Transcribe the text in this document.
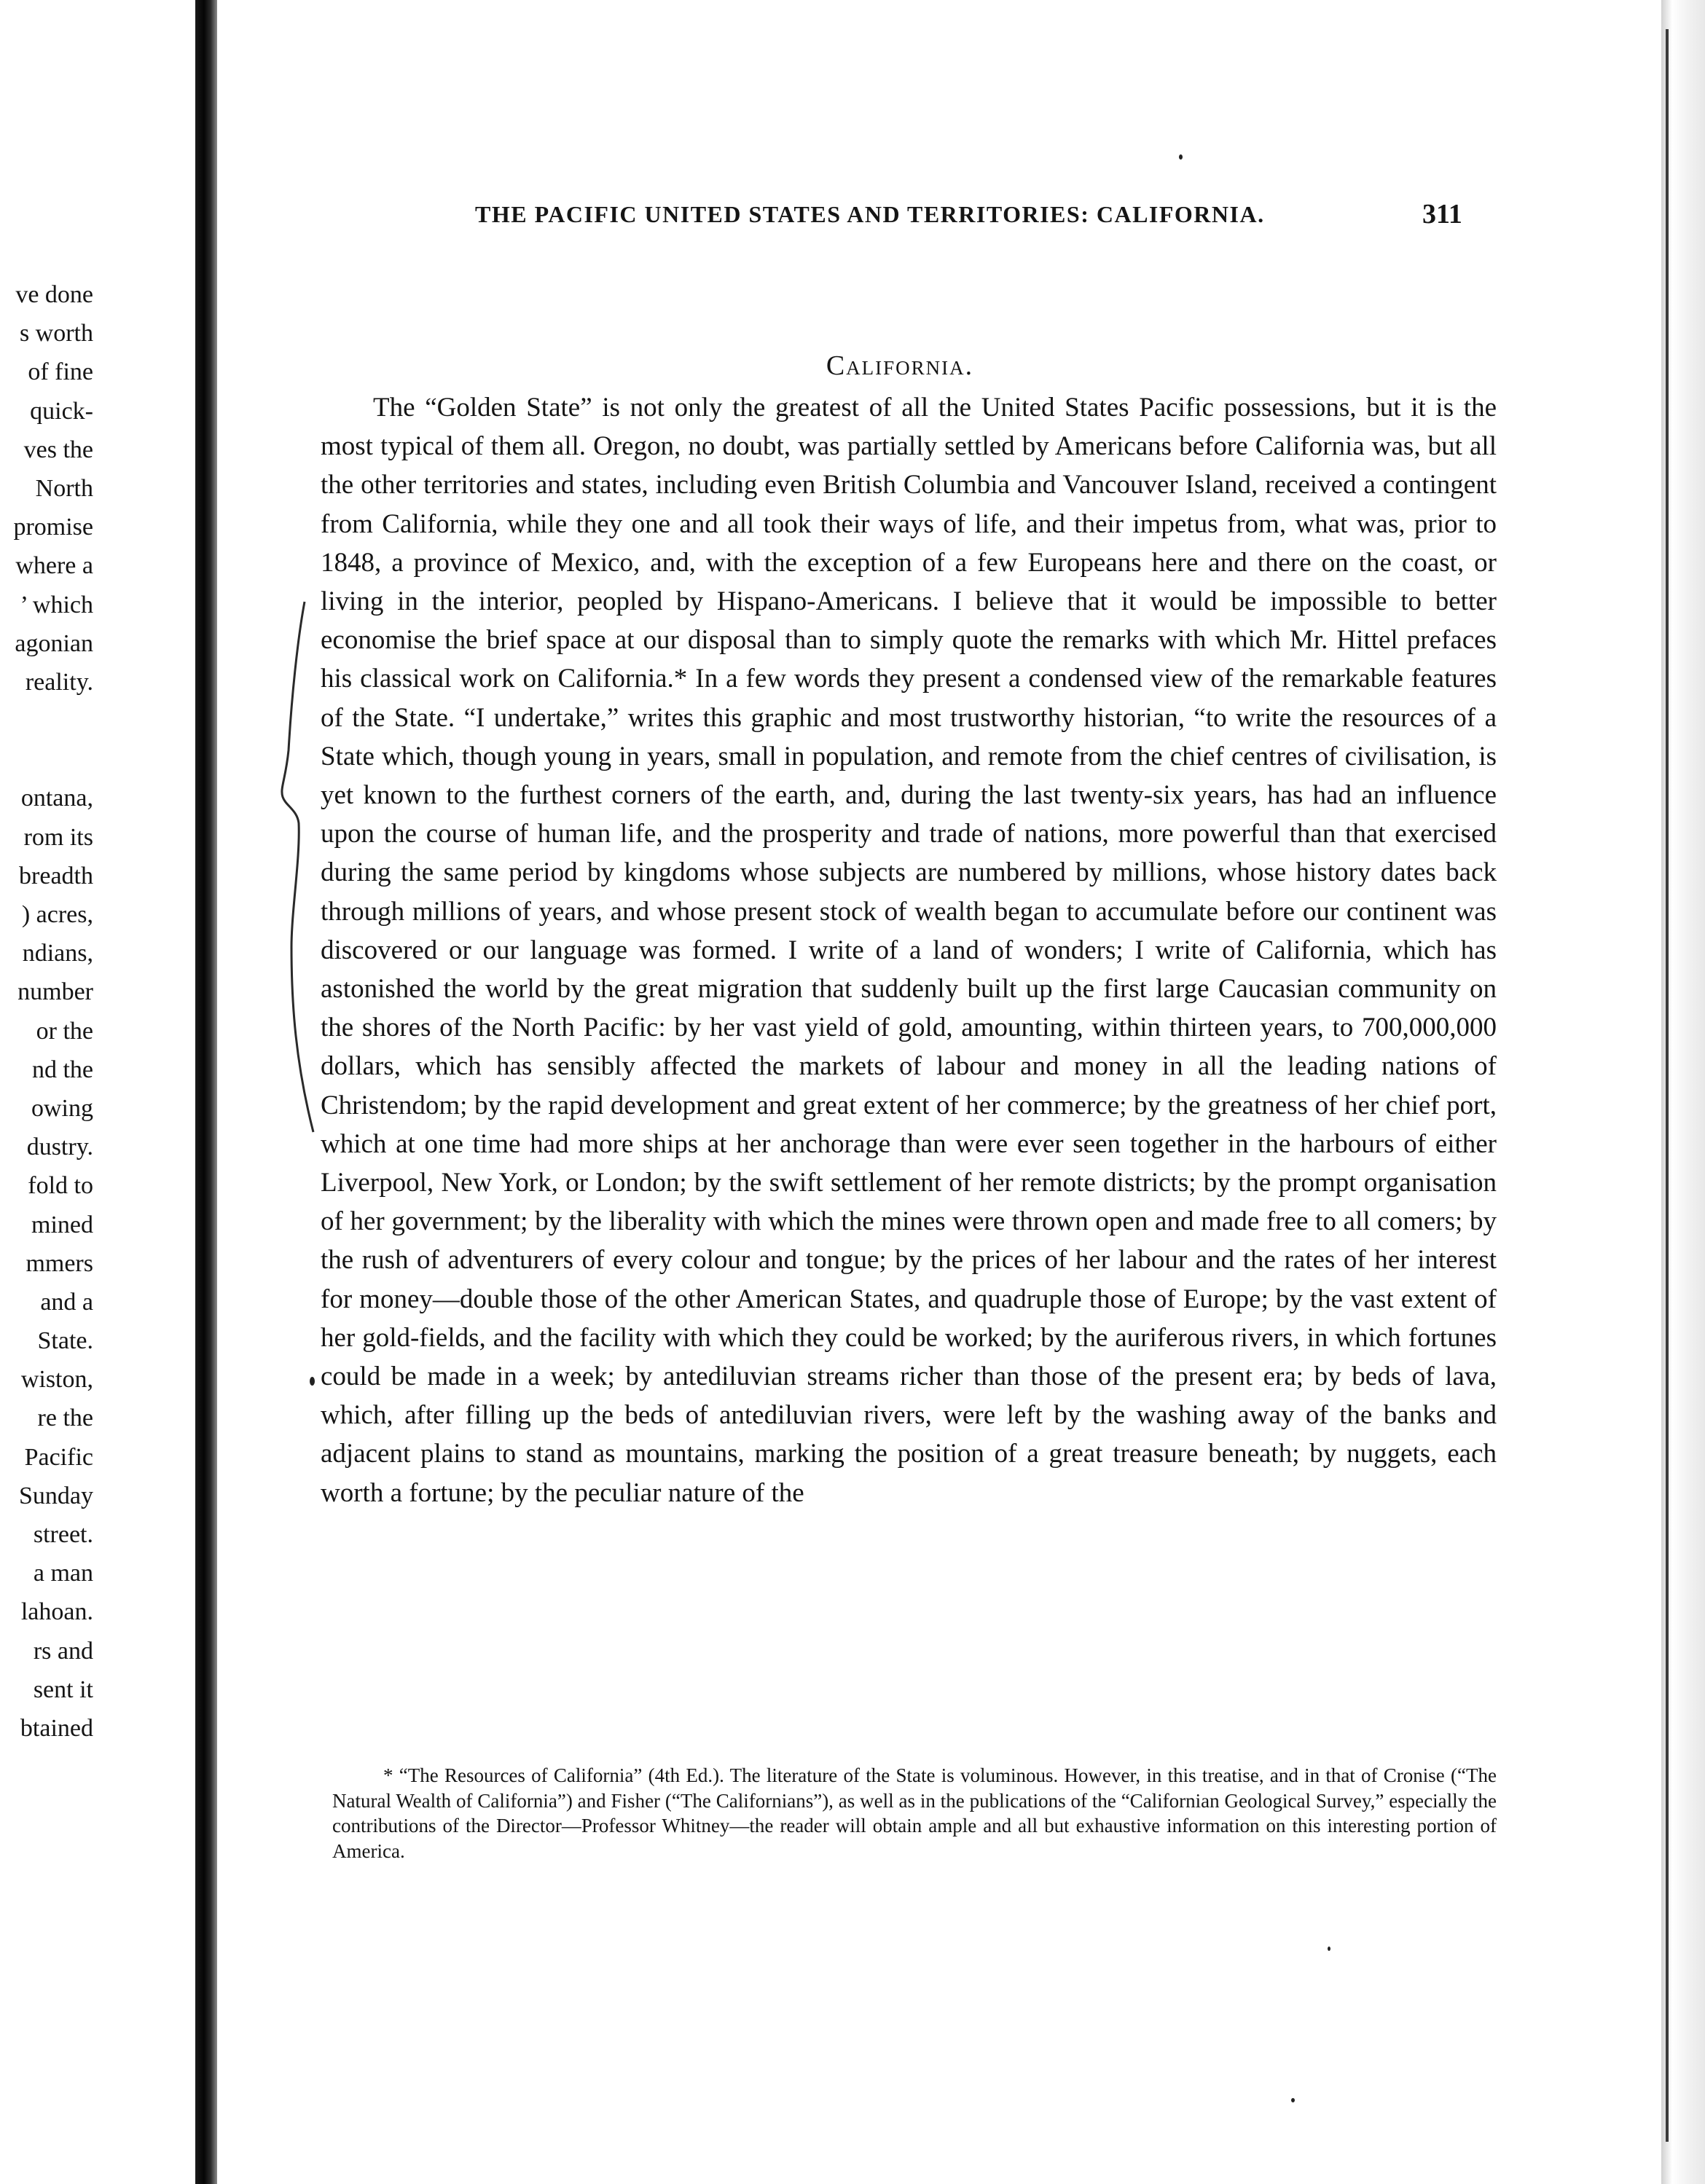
ve done
s worth
of fine
quick-
ves the
North
promise
where a
’ which
agonian
reality.
ontana,
rom its
breadth
) acres,
ndians,
number
or the
nd the
owing
dustry.
fold to
mined
mmers
and a
State.
wiston,
re the
Pacific
Sunday
street.
a man
lahoan.
rs and
sent it
btained
THE PACIFIC UNITED STATES AND TERRITORIES: CALIFORNIA.	311
California.

The “Golden State” is not only the greatest of all the United States Pacific possessions, but it is the most typical of them all. Oregon, no doubt, was partially settled by Americans before California was, but all the other territories and states, including even British Columbia and Vancouver Island, received a contingent from California, while they one and all took their ways of life, and their impetus from, what was, prior to 1848, a province of Mexico, and, with the exception of a few Europeans here and there on the coast, or living in the interior, peopled by Hispano-Americans. I believe that it would be impossible to better economise the brief space at our disposal than to simply quote the remarks with which Mr. Hittel prefaces his classical work on California.* In a few words they present a condensed view of the remarkable features of the State. “I undertake,” writes this graphic and most trustworthy historian, “to write the resources of a State which, though young in years, small in population, and remote from the chief centres of civilisation, is yet known to the furthest corners of the earth, and, during the last twenty-six years, has had an influence upon the course of human life, and the prosperity and trade of nations, more powerful than that exercised during the same period by kingdoms whose subjects are numbered by millions, whose history dates back through millions of years, and whose present stock of wealth began to accumulate before our continent was discovered or our language was formed. I write of a land of wonders; I write of California, which has astonished the world by the great migration that suddenly built up the first large Caucasian community on the shores of the North Pacific: by her vast yield of gold, amounting, within thirteen years, to 700,000,000 dollars, which has sensibly affected the markets of labour and money in all the leading nations of Christendom; by the rapid development and great extent of her commerce; by the greatness of her chief port, which at one time had more ships at her anchorage than were ever seen together in the harbours of either Liverpool, New York, or London; by the swift settlement of her remote districts; by the prompt organisation of her government; by the liberality with which the mines were thrown open and made free to all comers; by the rush of adventurers of every colour and tongue; by the prices of her labour and the rates of her interest for money—double those of the other American States, and quadruple those of Europe; by the vast extent of her gold-fields, and the facility with which they could be worked; by the auriferous rivers, in which fortunes could be made in a week; by antediluvian streams richer than those of the present era; by beds of lava, which, after filling up the beds of antediluvian rivers, were left by the washing away of the banks and adjacent plains to stand as mountains, marking the position of a great treasure beneath; by nuggets, each worth a fortune; by the peculiar nature of the

* “The Resources of California” (4th Ed.). The literature of the State is voluminous. However, in this treatise, and in that of Cronise (“The Natural Wealth of California”) and Fisher (“The Californians”), as well as in the publications of the “Californian Geological Survey,” especially the contributions of the Director—Professor Whitney—the reader will obtain ample and all but exhaustive information on this interesting portion of America.
